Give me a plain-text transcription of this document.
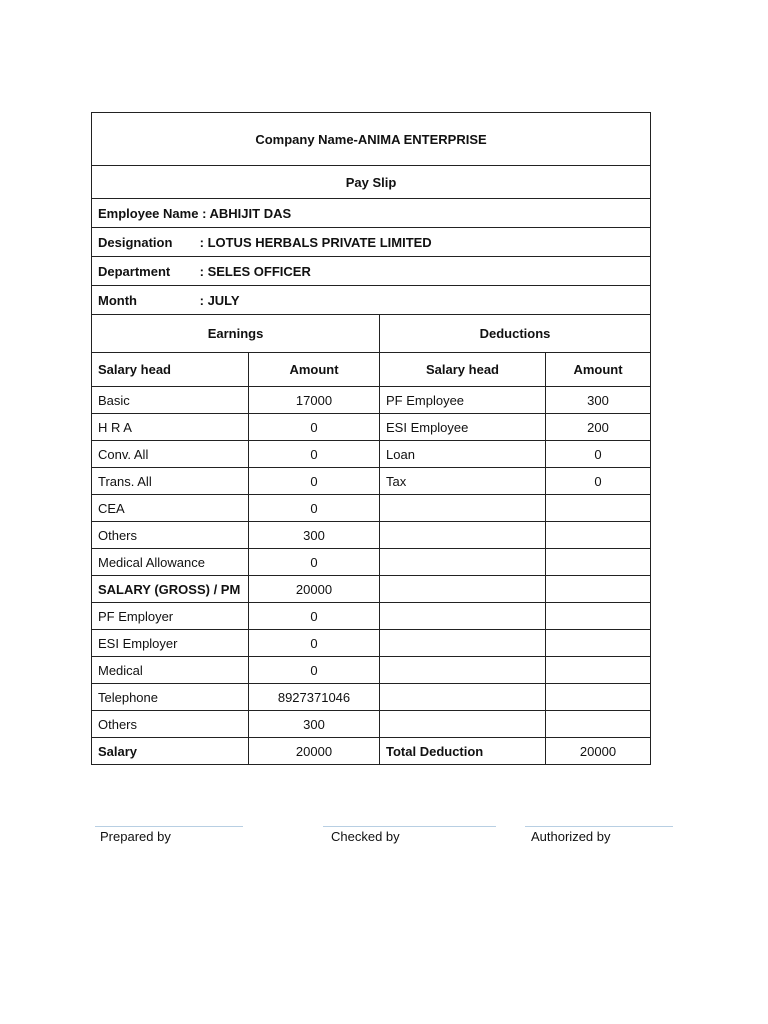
Company Name-ANIMA ENTERPRISE			
Pay Slip			
Employee Name : ABHIJIT DAS			
Designation : LOTUS HERBALS PRIVATE LIMITED			
Department : SELES OFFICER			
Month : JULY			
Earnings		Deductions	
Salary head	Amount	Salary head	Amount
Basic	17000	PF Employee	300
H R A	0	ESI Employee	200
Conv. All	0	Loan	0
Trans. All	0	Tax	0
CEA	0		
Others	300		
Medical Allowance	0		
SALARY (GROSS) / PM	20000		
PF Employer	0		
ESI Employer	0		
Medical	0		
Telephone	8927371046		
Others	300		
Salary	20000	Total Deduction	20000
Prepared by	Checked by	Authorized by
